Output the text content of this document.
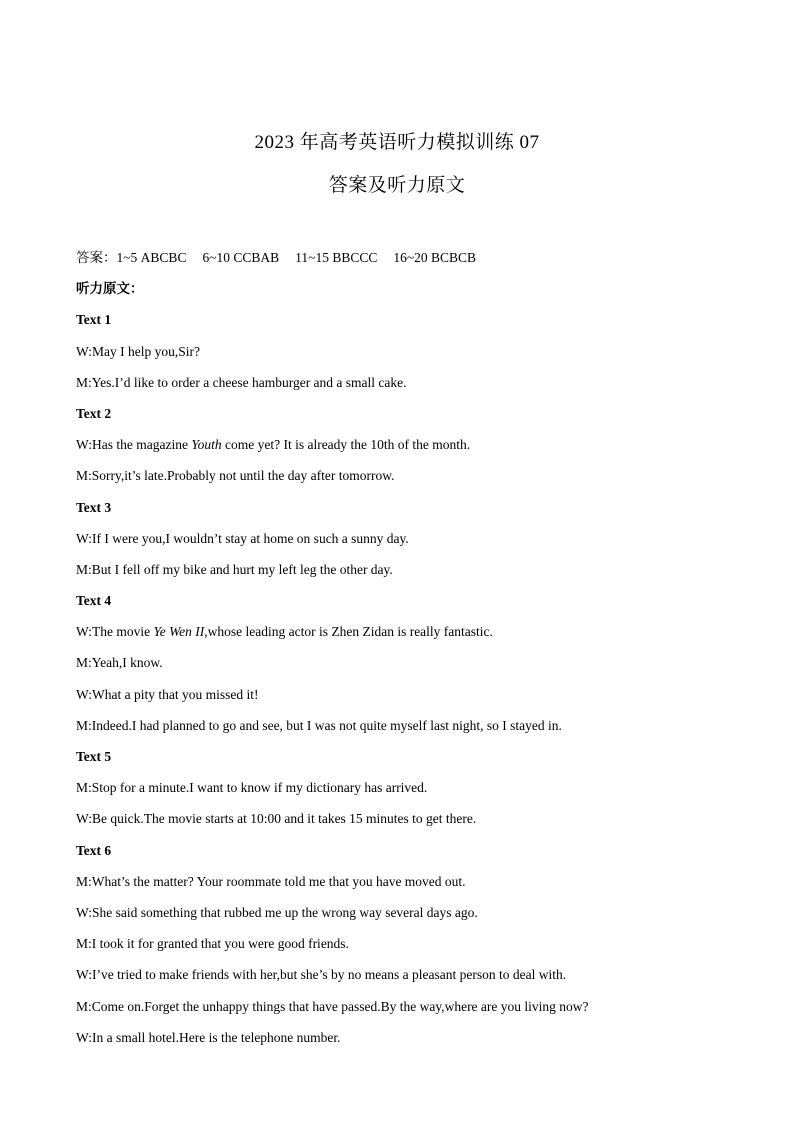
2023 年高考英语听力模拟训练 07
答案及听力原文
答案：1~5 ABCBC 6~10 CCBAB 11~15 BBCCC 16~20 BCBCB
听力原文：
Text 1
W:May I help you,Sir?
M:Yes.I’d like to order a cheese hamburger and a small cake.
Text 2
W:Has the magazine Youth come yet? It is already the 10th of the month.
M:Sorry,it’s late.Probably not until the day after tomorrow.
Text 3
W:If I were you,I wouldn’t stay at home on such a sunny day.
M:But I fell off my bike and hurt my left leg the other day.
Text 4
W:The movie Ye Wen II,whose leading actor is Zhen Zidan is really fantastic.
M:Yeah,I know.
W:What a pity that you missed it!
M:Indeed.I had planned to go and see, but I was not quite myself last night, so I stayed in.
Text 5
M:Stop for a minute.I want to know if my dictionary has arrived.
W:Be quick.The movie starts at 10:00 and it takes 15 minutes to get there.
Text 6
M:What’s the matter? Your roommate told me that you have moved out.
W:She said something that rubbed me up the wrong way several days ago.
M:I took it for granted that you were good friends.
W:I’ve tried to make friends with her,but she’s by no means a pleasant person to deal with.
M:Come on.Forget the unhappy things that have passed.By the way,where are you living now?
W:In a small hotel.Here is the telephone number.
